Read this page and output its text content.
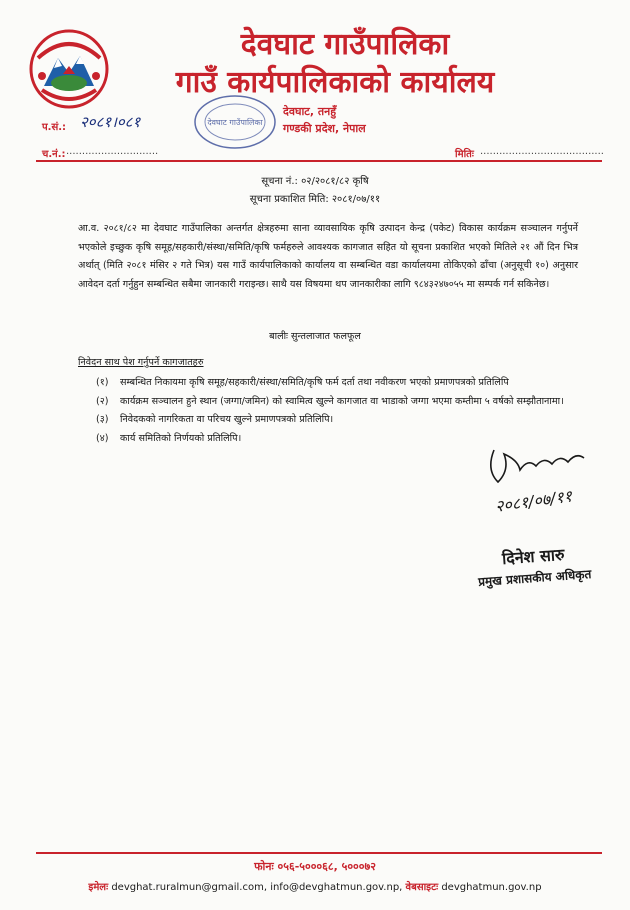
देवघाट गाउँपालिका
गाउँ कार्यपालिकाको कार्यालय
देवघाट गाउँपालिका
देवघाट, तनहुँ
गण्डकी प्रदेश, नेपाल
प.सं.: २०८१।०८१
च.नं.: .............................	मितिः .......................................
सूचना नं.: ०२/२०८१/८२ कृषि
सूचना प्रकाशित मिति: २०८१/०७/११
आ.व. २०८१/८२ मा देवघाट गाउँपालिका अन्तर्गत क्षेत्रहरुमा साना व्यावसायिक कृषि उत्पादन केन्द्र (पकेट) विकास कार्यक्रम सञ्चालन गर्नुपर्ने भएकोले इच्छुक कृषि समूह/सहकारी/संस्था/समिति/कृषि फर्महरुले आवश्यक कागजात सहित यो सूचना प्रकाशित भएको मितिले २१ औं दिन भित्र अर्थात् (मिति २०८१ मंसिर २ गते भित्र) यस गाउँ कार्यपालिकाको कार्यालय वा सम्बन्धित वडा कार्यालयमा तोकिएको ढाँचा (अनुसूची १०) अनुसार आवेदन दर्ता गर्नुहुन सम्बन्धित सबैमा जानकारी गराइन्छ। साथै यस विषयमा थप जानकारीका लागि ९८४३२४७०५५ मा सम्पर्क गर्न सकिनेछ।
बालीः सुन्तलाजात फलफूल
निवेदन साथ पेश गर्नुपर्ने कागजातहरु
(१)	सम्बन्धित निकायमा कृषि समूह/सहकारी/संस्था/समिति/कृषि फर्म दर्ता तथा नवीकरण भएको प्रमाणपत्रको प्रतिलिपि
(२)	कार्यक्रम सञ्चालन हुने स्थान (जग्गा/जमिन) को स्वामित्व खुल्ने कागजात वा भाडाको जग्गा भएमा कम्तीमा ५ वर्षको सम्झौतानामा।
(३)	निवेदकको नागरिकता वा परिचय खुल्ने प्रमाणपत्रको प्रतिलिपि।
(४)	कार्य समितिको निर्णयको प्रतिलिपि।
२०८१/०७/११
दिनेश सारु
प्रमुख प्रशासकीय अधिकृत
फोनः ०५६-५०००६८, ५०००७२
इमेलः devghat.ruralmun@gmail.com, info@devghatmun.gov.np, वेबसाइटः devghatmun.gov.np
